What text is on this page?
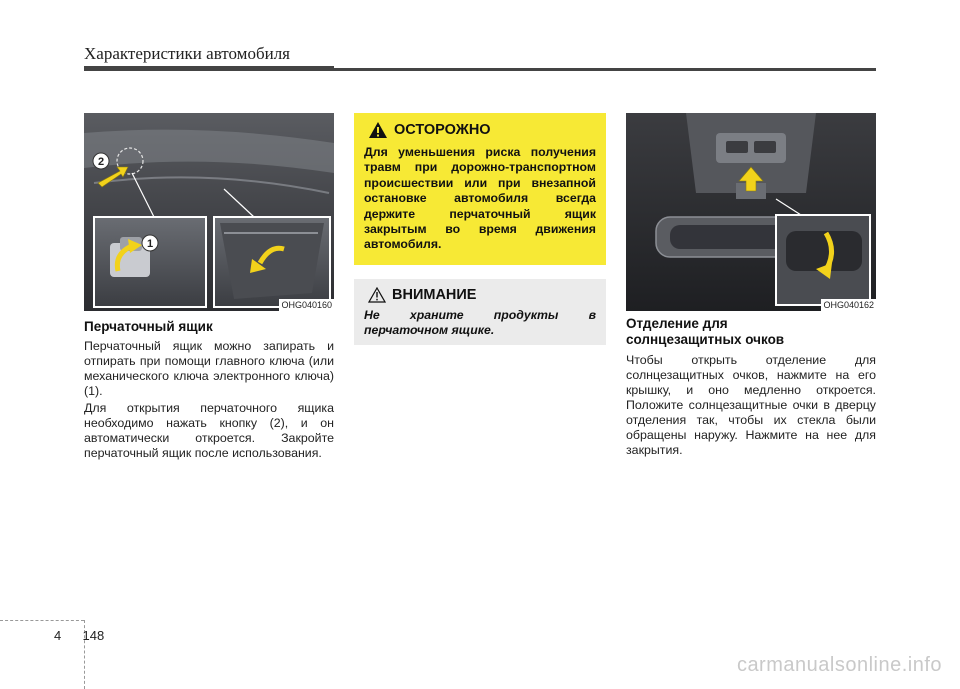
Характеристики автомобиля
2
1
OHG040160
Перчаточный ящик
Перчаточный ящик можно запирать и отпирать при помощи главного ключа (или механического ключа электронного ключа) (1).
Для открытия перчаточного ящика необходимо нажать кнопку (2), и он автоматически откроется. Закройте перчаточный ящик после использования.
ОСТОРОЖНО
Для уменьшения риска получения травм при дорожно-транспортном происшествии или при внезапной остановке автомобиля всегда держите перчаточный ящик закрытым во время движения автомобиля.
ВНИМАНИЕ
Не храните продукты в перчаточном ящике.
OHG040162
Отделение для
солнцезащитных очков
Чтобы открыть отделение для солнцезащитных очков, нажмите на его крышку, и оно медленно откроется. Положите солнцезащитные очки в дверцу отделения так, чтобы их стекла были обращены наружу. Нажмите на нее для закрытия.
4 148
carmanualsonline.info
